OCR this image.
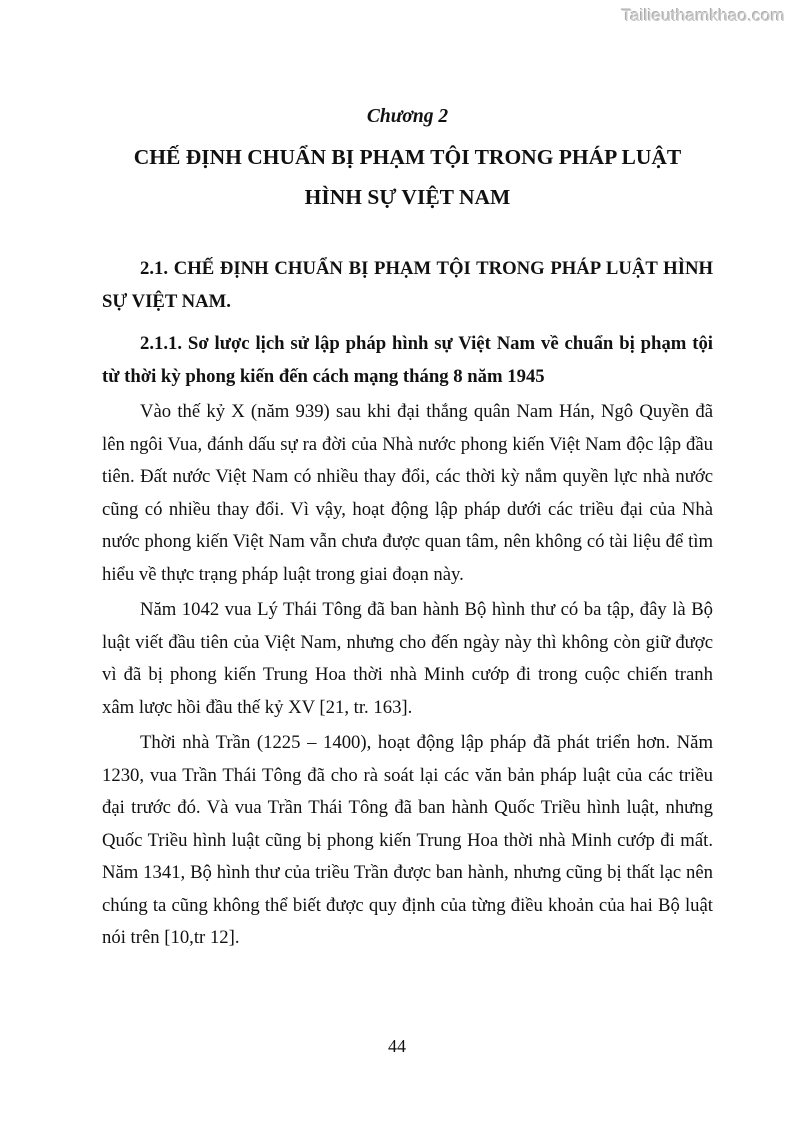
Tailieuthamkhao.com
Chương 2
CHẾ ĐỊNH CHUẨN BỊ PHẠM TỘI TRONG PHÁP LUẬT
HÌNH SỰ VIỆT NAM
2.1. CHẾ ĐỊNH CHUẨN BỊ PHẠM TỘI TRONG PHÁP LUẬT HÌNH SỰ VIỆT NAM.
2.1.1. Sơ lược lịch sử lập pháp hình sự Việt Nam về chuẩn bị phạm tội từ thời kỳ phong kiến đến cách mạng tháng 8 năm 1945

Vào thế kỷ X (năm 939) sau khi đại thắng quân Nam Hán, Ngô Quyền đã lên ngôi Vua, đánh dấu sự ra đời của Nhà nước phong kiến Việt Nam độc lập đầu tiên. Đất nước Việt Nam có nhiều thay đổi, các thời kỳ nắm quyền lực nhà nước cũng có nhiều thay đổi. Vì vậy, hoạt động lập pháp dưới các triều đại của Nhà nước phong kiến Việt Nam vẫn chưa được quan tâm, nên không có tài liệu để tìm hiểu về thực trạng pháp luật trong giai đoạn này.

Năm 1042 vua Lý Thái Tông đã ban hành Bộ hình thư có ba tập, đây là Bộ luật viết đầu tiên của Việt Nam, nhưng cho đến ngày này thì không còn giữ được vì đã bị phong kiến Trung Hoa thời nhà Minh cướp đi trong cuộc chiến tranh xâm lược hồi đầu thế kỷ XV [21, tr. 163].

Thời nhà Trần (1225 – 1400), hoạt động lập pháp đã phát triển hơn. Năm 1230, vua Trần Thái Tông đã cho rà soát lại các văn bản pháp luật của các triều đại trước đó. Và vua Trần Thái Tông đã ban hành Quốc Triều hình luật, nhưng Quốc Triều hình luật cũng bị phong kiến Trung Hoa thời nhà Minh cướp đi mất. Năm 1341, Bộ hình thư của triều Trần được ban hành, nhưng cũng bị thất lạc nên chúng ta cũng không thể biết được quy định của từng điều khoản của hai Bộ luật nói trên [10,tr 12].

44
